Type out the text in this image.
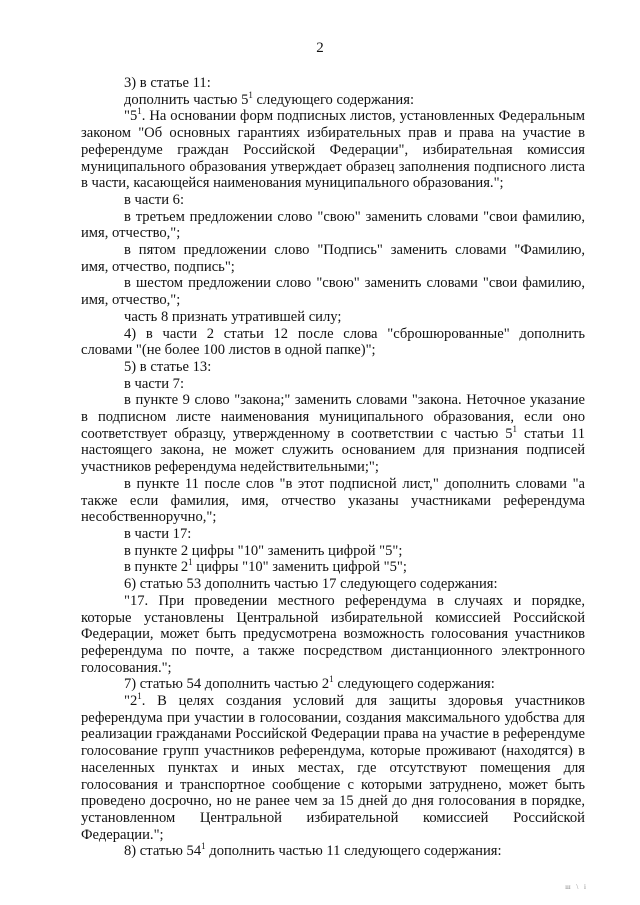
2

3) в статье 11:

дополнить частью $5^1$ следующего содержания:

"$5^1$. На основании форм подписных листов, установленных Федеральным законом "Об основных гарантиях избирательных прав и права на участие в референдуме граждан Российской Федерации", избирательная комиссия муниципального образования утверждает образец заполнения подписного листа в части, касающейся наименования муниципального образования.";

в части 6:

в третьем предложении слово "свою" заменить словами "свои фамилию, имя, отчество,";

в пятом предложении слово "Подпись" заменить словами "Фамилию, имя, отчество, подпись";

в шестом предложении слово "свою" заменить словами "свои фамилию, имя, отчество,";

часть 8 признать утратившей силу;

4) в части 2 статьи 12 после слова "сброшюрованные" дополнить словами "(не более 100 листов в одной папке)";

5) в статье 13:

в части 7:

в пункте 9 слово "закона;" заменить словами "закона. Неточное указание в подписном листе наименования муниципального образования, если оно соответствует образцу, утвержденному в соответствии с частью $5^1$ статьи 11 настоящего закона, не может служить основанием для признания подписей участников референдума недействительными;";

в пункте 11 после слов "в этот подписной лист," дополнить словами "а также если фамилия, имя, отчество указаны участниками референдума несобственноручно,";

в части 17:

в пункте 2 цифры "10" заменить цифрой "5";

в пункте $2^1$ цифры "10" заменить цифрой "5";

6) статью 53 дополнить частью 17 следующего содержания:

"17. При проведении местного референдума в случаях и порядке, которые установлены Центральной избирательной комиссией Российской Федерации, может быть предусмотрена возможность голосования участников референдума по почте, а также посредством дистанционного электронного голосования.";

7) статью 54 дополнить частью $2^1$ следующего содержания:

"$2^1$. В целях создания условий для защиты здоровья участников референдума при участии в голосовании, создания максимального удобства для реализации гражданами Российской Федерации права на участие в референдуме голосование групп участников референдума, которые проживают (находятся) в населенных пунктах и иных местах, где отсутствуют помещения для голосования и транспортное сообщение с которыми затруднено, может быть проведено досрочно, но не ранее чем за 15 дней до дня голосования в порядке, установленном Центральной избирательной комиссией Российской Федерации.";

8) статью $54^1$ дополнить частью 11 следующего содержания:

ш \ і
